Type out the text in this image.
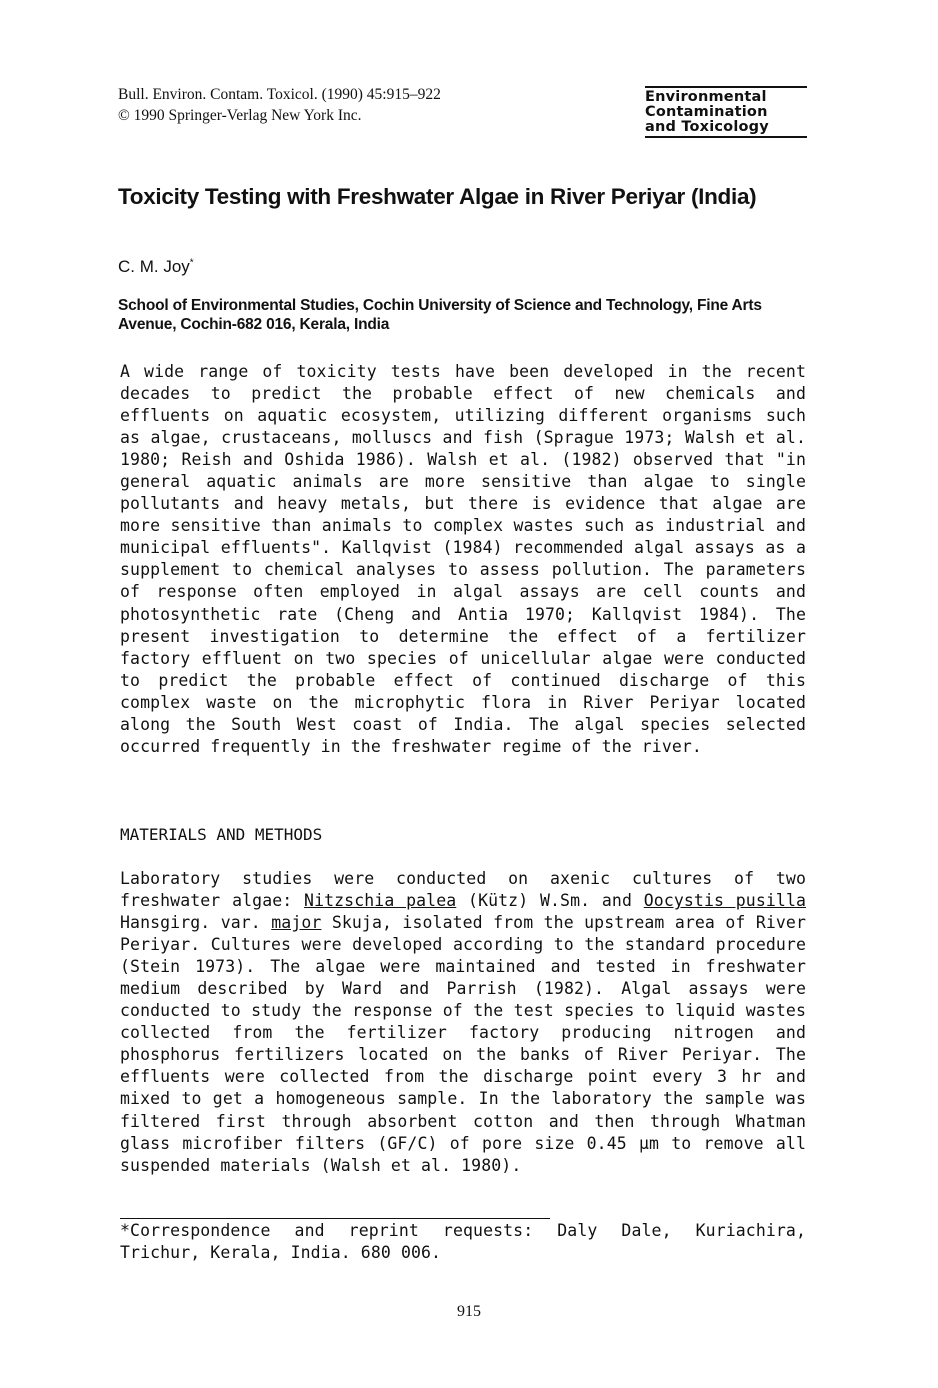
Bull. Environ. Contam. Toxicol. (1990) 45:915–922
© 1990 Springer-Verlag New York Inc.
Environmental
Contamination
and Toxicology
Toxicity Testing with Freshwater Algae in River Periyar (India)
C. M. Joy*
School of Environmental Studies, Cochin University of Science and Technology, Fine Arts Avenue, Cochin-682 016, Kerala, India

A wide range of toxicity tests have been developed in the recent decades to predict the probable effect of new chemicals and effluents on aquatic ecosystem, utilizing different organisms such as algae, crustaceans, molluscs and fish (Sprague 1973; Walsh et al. 1980; Reish and Oshida 1986). Walsh et al. (1982) observed that "in general aquatic animals are more sensitive than algae to single pollutants and heavy metals, but there is evidence that algae are more sensitive than animals to complex wastes such as industrial and municipal effluents". Kallqvist (1984) recommended algal assays as a supplement to chemical analyses to assess pollution. The parameters of response often employed in algal assays are cell counts and photosynthetic rate (Cheng and Antia 1970; Kallqvist 1984). The present investigation to determine the effect of a fertilizer factory effluent on two species of unicellular algae were conducted to predict the probable effect of continued discharge of this complex waste on the microphytic flora in River Periyar located along the South West coast of India. The algal species selected occurred frequently in the freshwater regime of the river.

MATERIALS AND METHODS

Laboratory studies were conducted on axenic cultures of two freshwater algae: Nitzschia palea (Kütz) W.Sm. and Oocystis pusilla Hansgirg. var. major Skuja, isolated from the upstream area of River Periyar. Cultures were developed according to the standard procedure (Stein 1973). The algae were maintained and tested in freshwater medium described by Ward and Parrish (1982). Algal assays were conducted to study the response of the test species to liquid wastes collected from the fertilizer factory producing nitrogen and phosphorus fertilizers located on the banks of River Periyar. The effluents were collected from the discharge point every 3 hr and mixed to get a homogeneous sample. In the laboratory the sample was filtered first through absorbent cotton and then through Whatman glass microfiber filters (GF/C) of pore size 0.45 µm to remove all suspended materials (Walsh et al. 1980).

*Correspondence and reprint requests: Daly Dale, Kuriachira, Trichur, Kerala, India. 680 006.

915
